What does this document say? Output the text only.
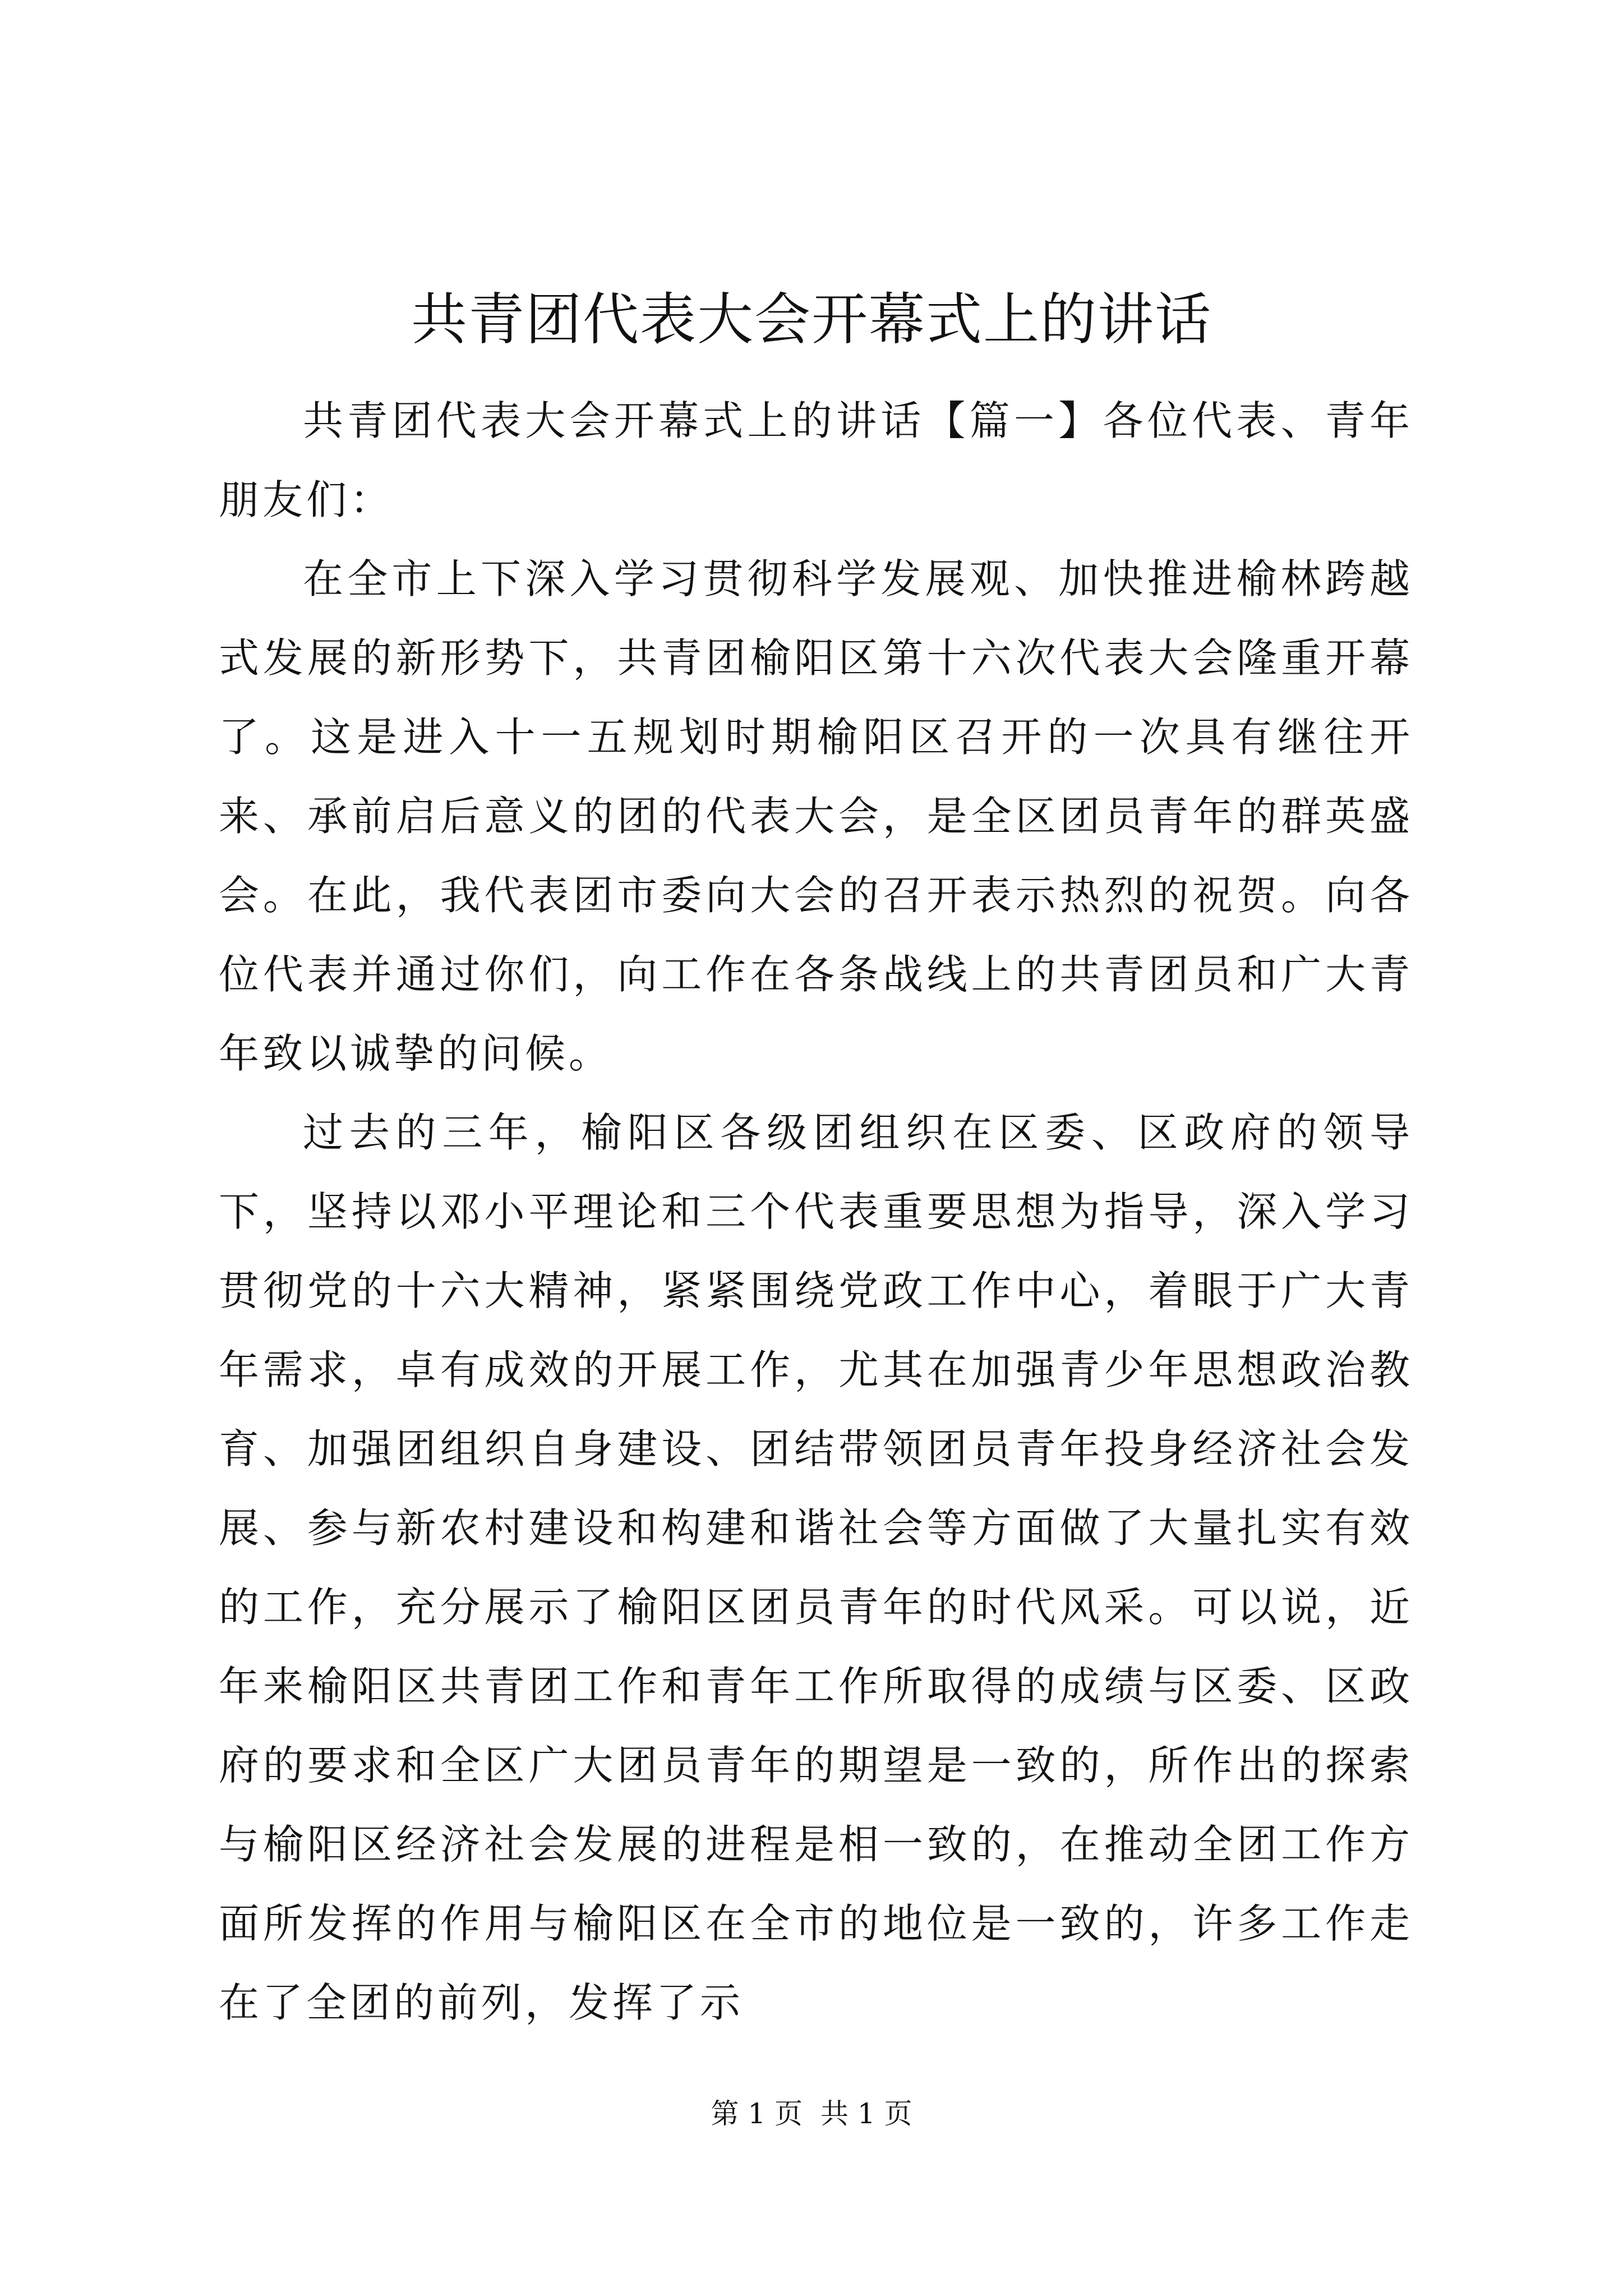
共青团代表大会开幕式上的讲话

共青团代表大会开幕式上的讲话【篇一】各位代表、青年朋友们：

在全市上下深入学习贯彻科学发展观、加快推进榆林跨越式发展的新形势下，共青团榆阳区第十六次代表大会隆重开幕了。这是进入十一五规划时期榆阳区召开的一次具有继往开来、承前启后意义的团的代表大会，是全区团员青年的群英盛会。在此，我代表团市委向大会的召开表示热烈的祝贺。向各位代表并通过你们，向工作在各条战线上的共青团员和广大青年致以诚挚的问候。

过去的三年，榆阳区各级团组织在区委、区政府的领导下，坚持以邓小平理论和三个代表重要思想为指导，深入学习贯彻党的十六大精神，紧紧围绕党政工作中心，着眼于广大青年需求，卓有成效的开展工作，尤其在加强青少年思想政治教育、加强团组织自身建设、团结带领团员青年投身经济社会发展、参与新农村建设和构建和谐社会等方面做了大量扎实有效的工作，充分展示了榆阳区团员青年的时代风采。可以说，近年来榆阳区共青团工作和青年工作所取得的成绩与区委、区政府的要求和全区广大团员青年的期望是一致的，所作出的探索与榆阳区经济社会发展的进程是相一致的，在推动全团工作方面所发挥的作用与榆阳区在全市的地位是一致的，许多工作走在了全团的前列，发挥了示

第 1 页 共 1 页
